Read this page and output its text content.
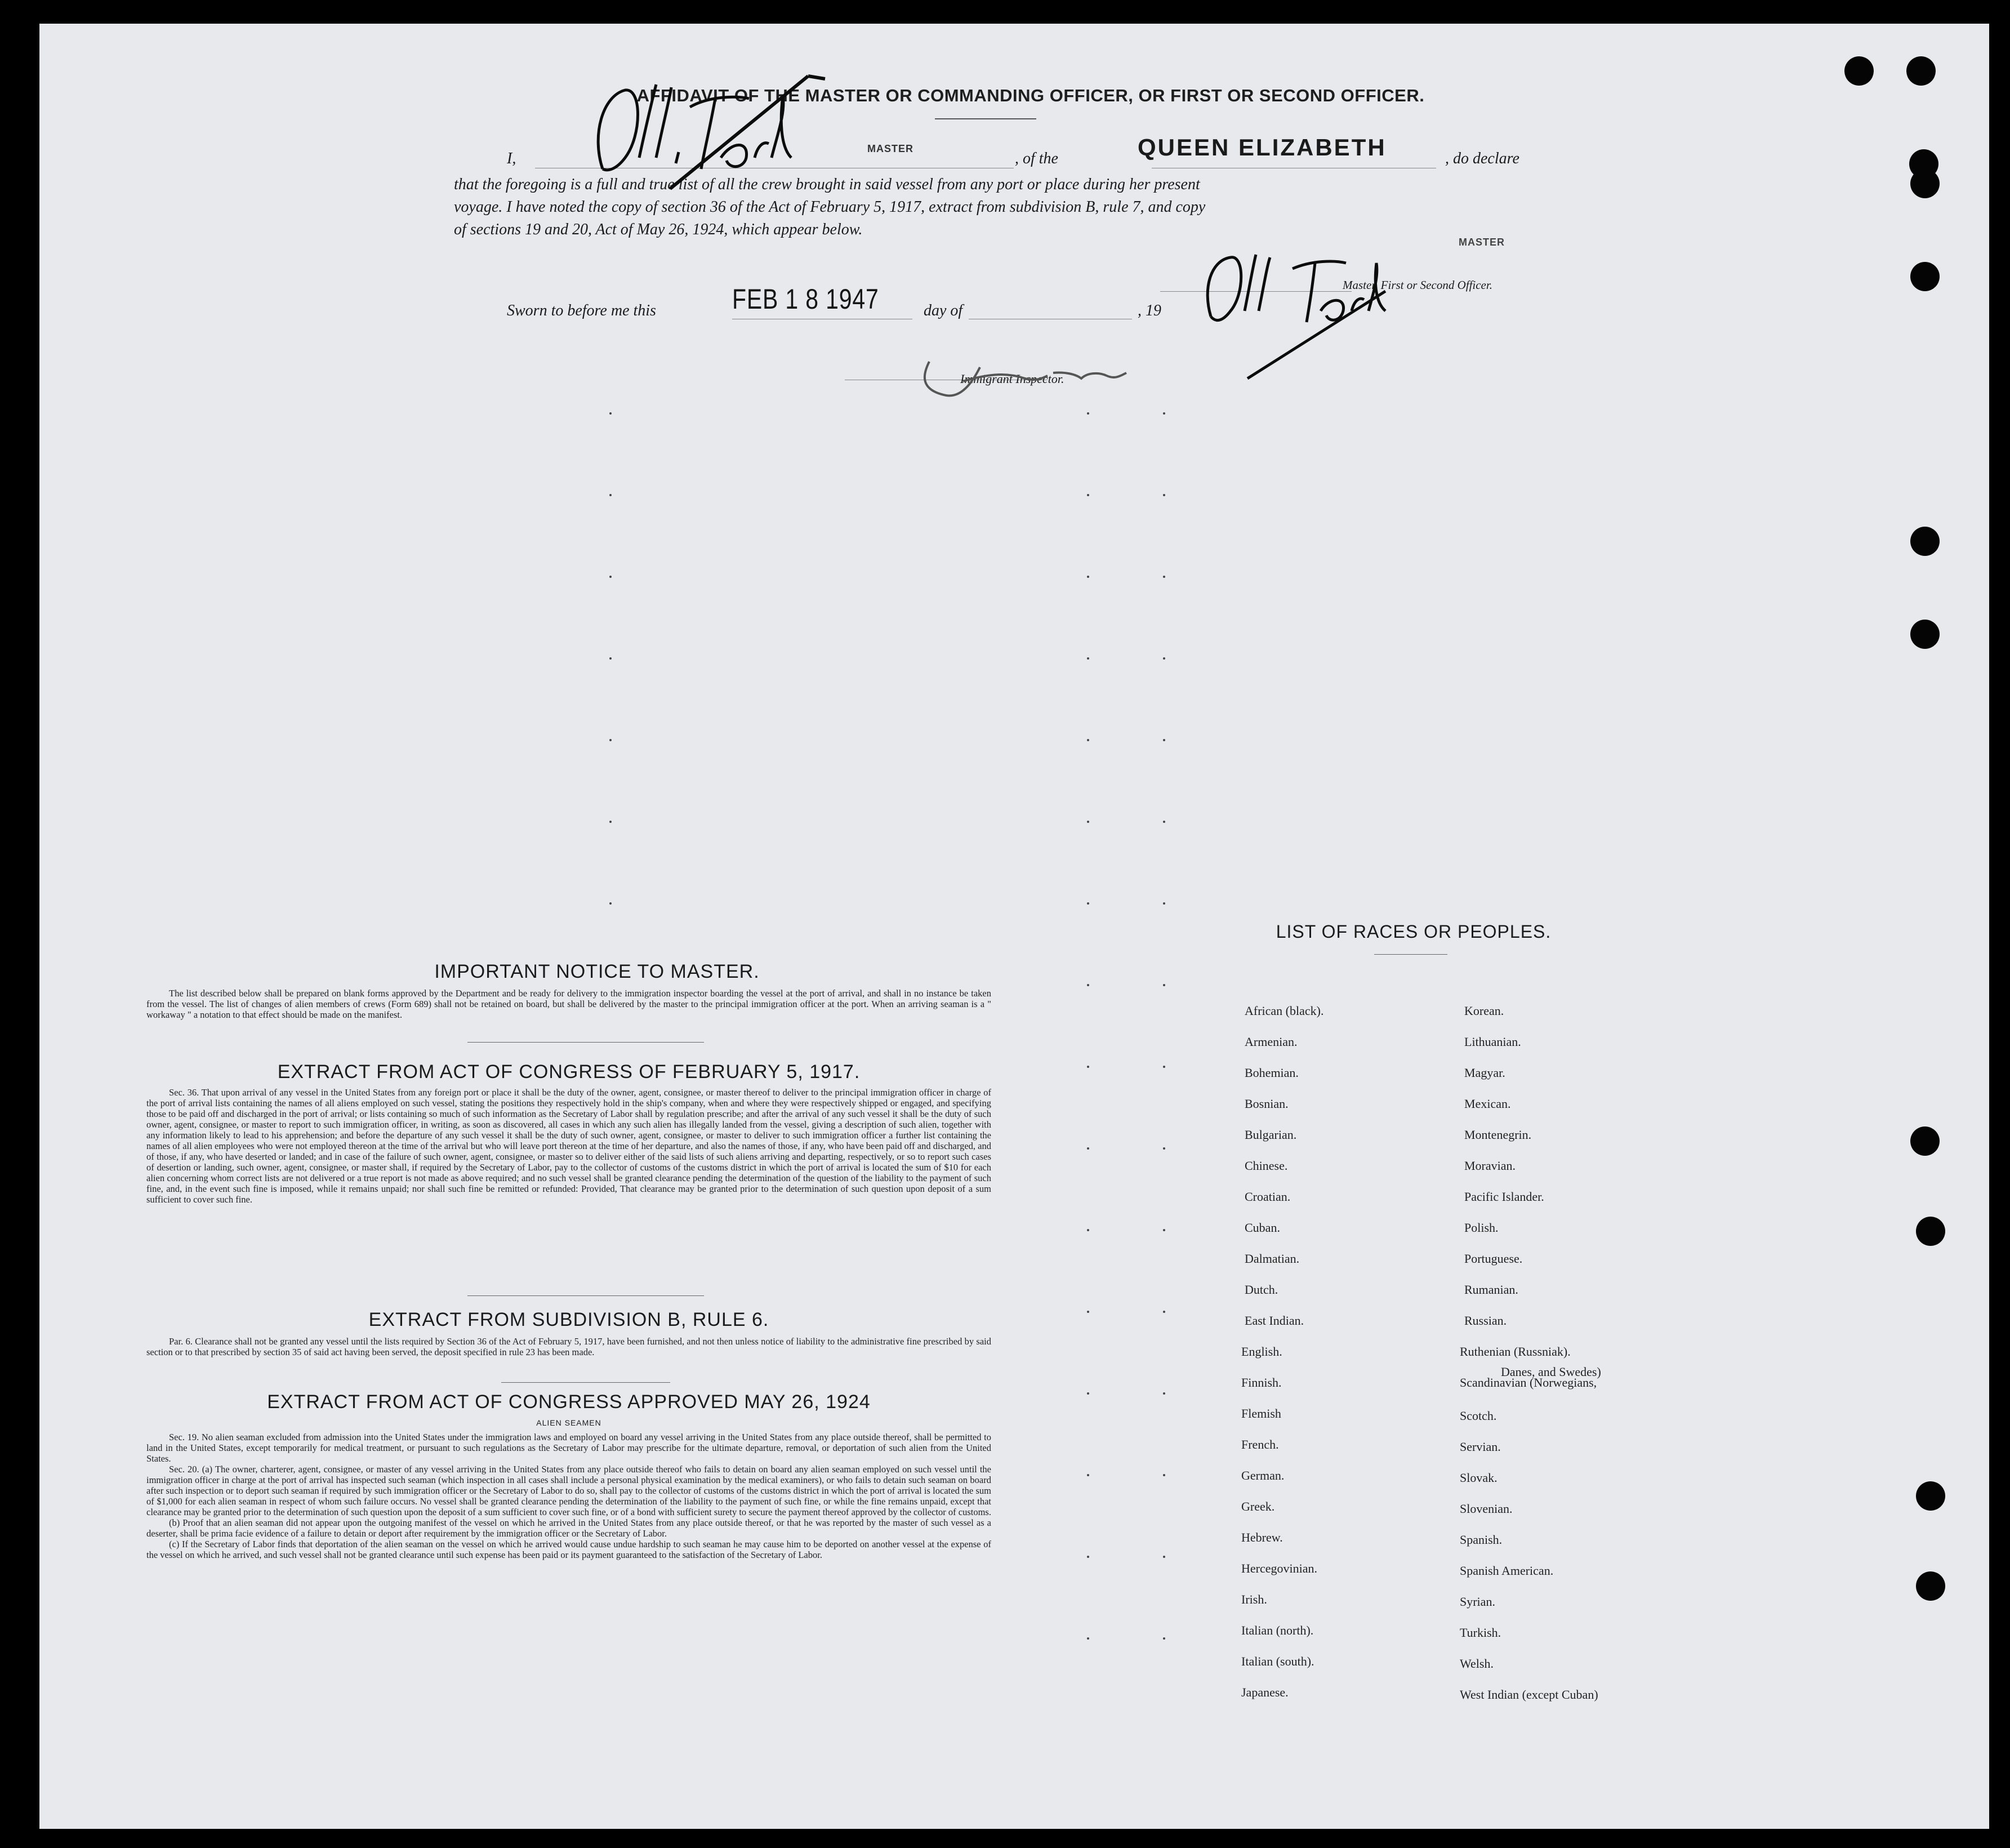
AFFIDAVIT OF THE MASTER OR COMMANDING OFFICER, OR FIRST OR SECOND OFFICER.
I,
MASTER
, of the	QUEEN ELIZABETH	, do declare
that the foregoing is a full and true list of all the crew brought in said vessel from any port or place during her present
voyage. I have noted the copy of section 36 of the Act of February 5, 1917, extract from subdivision B, rule 7, and copy
of sections 19 and 20, Act of May 26, 1924, which appear below.
MASTER
Master, First or Second Officer.
Sworn to before me this	FEB 1 8 1947	day of	, 19
Immigrant Inspector.
IMPORTANT NOTICE TO MASTER.
The list described below shall be prepared on blank forms approved by the Department and be ready for delivery to the immigration inspector boarding the vessel at the port of arrival, and shall in no instance be taken from the vessel. The list of changes of alien members of crews (Form 689) shall not be retained on board, but shall be delivered by the master to the principal immigration officer at the port. When an arriving seaman is a " workaway " a notation to that effect should be made on the manifest.
EXTRACT FROM ACT OF CONGRESS OF FEBRUARY 5, 1917.
Sec. 36. That upon arrival of any vessel in the United States from any foreign port or place it shall be the duty of the owner, agent, consignee, or master thereof to deliver to the principal immigration officer in charge of the port of arrival lists containing the names of all aliens employed on such vessel, stating the positions they respectively hold in the ship's company, when and where they were respectively shipped or engaged, and specifying those to be paid off and discharged in the port of arrival; or lists containing so much of such information as the Secretary of Labor shall by regulation prescribe; and after the arrival of any such vessel it shall be the duty of such owner, agent, consignee, or master to report to such immigration officer, in writing, as soon as discovered, all cases in which any such alien has illegally landed from the vessel, giving a description of such alien, together with any information likely to lead to his apprehension; and before the departure of any such vessel it shall be the duty of such owner, agent, consignee, or master to deliver to such immigration officer a further list containing the names of all alien employees who were not employed thereon at the time of the arrival but who will leave port thereon at the time of her departure, and also the names of those, if any, who have been paid off and discharged, and of those, if any, who have deserted or landed; and in case of the failure of such owner, agent, consignee, or master so to deliver either of the said lists of such aliens arriving and departing, respectively, or so to report such cases of desertion or landing, such owner, agent, consignee, or master shall, if required by the Secretary of Labor, pay to the collector of customs of the customs district in which the port of arrival is located the sum of $10 for each alien concerning whom correct lists are not delivered or a true report is not made as above required; and no such vessel shall be granted clearance pending the determination of the question of the liability to the payment of such fine, and, in the event such fine is imposed, while it remains unpaid; nor shall such fine be remitted or refunded: Provided, That clearance may be granted prior to the determination of such question upon deposit of a sum sufficient to cover such fine.
EXTRACT FROM SUBDIVISION B, RULE 6.
Par. 6. Clearance shall not be granted any vessel until the lists required by Section 36 of the Act of February 5, 1917, have been furnished, and not then unless notice of liability to the administrative fine prescribed by said section or to that prescribed by section 35 of said act having been served, the deposit specified in rule 23 has been made.
EXTRACT FROM ACT OF CONGRESS APPROVED MAY 26, 1924
ALIEN SEAMEN

Sec. 19. No alien seaman excluded from admission into the United States under the immigration laws and employed on board any vessel arriving in the United States from any place outside thereof, shall be permitted to land in the United States, except temporarily for medical treatment, or pursuant to such regulations as the Secretary of Labor may prescribe for the ultimate departure, removal, or deportation of such alien from the United States.

Sec. 20. (a) The owner, charterer, agent, consignee, or master of any vessel arriving in the United States from any place outside thereof who fails to detain on board any alien seaman employed on such vessel until the immigration officer in charge at the port of arrival has inspected such seaman (which inspection in all cases shall include a personal physical examination by the medical examiners), or who fails to detain such seaman on board after such inspection or to deport such seaman if required by such immigration officer or the Secretary of Labor to do so, shall pay to the collector of customs of the customs district in which the port of arrival is located the sum of $1,000 for each alien seaman in respect of whom such failure occurs. No vessel shall be granted clearance pending the determination of the liability to the payment of such fine, or while the fine remains unpaid, except that clearance may be granted prior to the determination of such question upon the deposit of a sum sufficient to cover such fine, or of a bond with sufficient surety to secure the payment thereof approved by the collector of customs.

(b) Proof that an alien seaman did not appear upon the outgoing manifest of the vessel on which he arrived in the United States from any place outside thereof, or that he was reported by the master of such vessel as a deserter, shall be prima facie evidence of a failure to detain or deport after requirement by the immigration officer or the Secretary of Labor.

(c) If the Secretary of Labor finds that deportation of the alien seaman on the vessel on which he arrived would cause undue hardship to such seaman he may cause him to be deported on another vessel at the expense of the vessel on which he arrived, and such vessel shall not be granted clearance until such expense has been paid or its payment guaranteed to the satisfaction of the Secretary of Labor.

LIST OF RACES OR PEOPLES.
African (black).
Armenian.
Bohemian.
Bosnian.
Bulgarian.
Chinese.
Croatian.
Cuban.
Dalmatian.
Dutch.
East Indian.
English.
Finnish.
Flemish
French.
German.
Greek.
Hebrew.
Hercegovinian.
Irish.
Italian (north).
Italian (south).
Japanese.
Korean.
Lithuanian.
Magyar.
Mexican.
Montenegrin.
Moravian.
Pacific Islander.
Polish.
Portuguese.
Rumanian.
Russian.
Ruthenian (Russniak).
Scandinavian (Norwegians,
Scotch.
Servian.
Slovak.
Slovenian.
Spanish.
Spanish American.
Syrian.
Turkish.
Welsh.
West Indian (except Cuban)
Danes, and Swedes)
